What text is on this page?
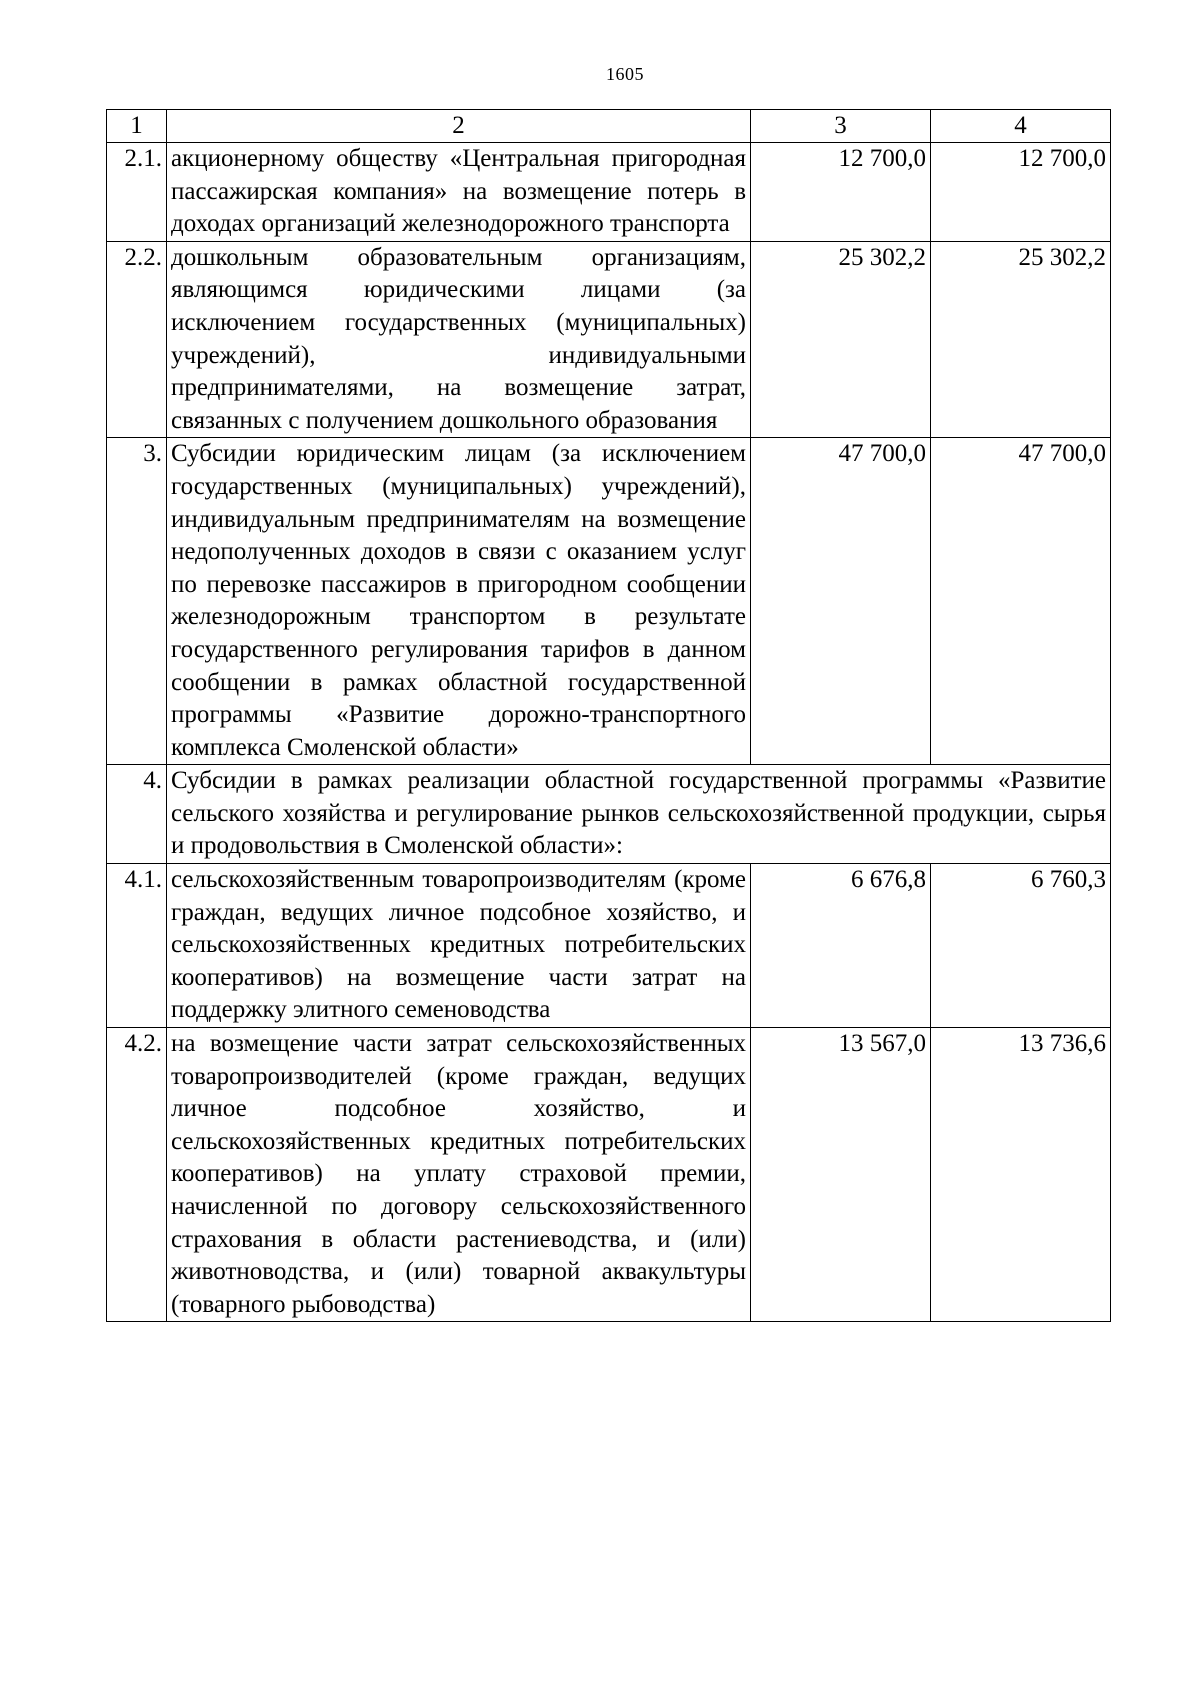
1605
1	2	3	4
2.1.	акционерному обществу «Центральная пригородная пассажирская компания» на возмещение потерь в доходах организаций железнодорожного транспорта	12 700,0	12 700,0
2.2.	дошкольным образовательным организациям, являющимся юридическими лицами (за исключением государственных (муниципальных) учреждений), индивидуальными предпринимателями, на возмещение затрат, связанных с получением дошкольного образования	25 302,2	25 302,2
3.	Субсидии юридическим лицам (за исключением государственных (муниципальных) учреждений), индивидуальным предпринимателям на возмещение недополученных доходов в связи с оказанием услуг по перевозке пассажиров в пригородном сообщении железнодорожным транспортом в результате государственного регулирования тарифов в данном сообщении в рамках областной государственной программы «Развитие дорожно-транспортного комплекса Смоленской области»	47 700,0	47 700,0
4.	Субсидии в рамках реализации областной государственной программы «Развитие сельского хозяйства и регулирование рынков сельскохозяйственной продукции, сырья и продовольствия в Смоленской области»:		
4.1.	сельскохозяйственным товаропроизводителям (кроме граждан, ведущих личное подсобное хозяйство, и сельскохозяйственных кредитных потребительских кооперативов) на возмещение части затрат на поддержку элитного семеноводства	6 676,8	6 760,3
4.2.	на возмещение части затрат сельскохозяйственных товаропроизводителей (кроме граждан, ведущих личное подсобное хозяйство, и сельскохозяйственных кредитных потребительских кооперативов) на уплату страховой премии, начисленной по договору сельскохозяйственного страхования в области растениеводства, и (или) животноводства, и (или) товарной аквакультуры (товарного рыбоводства)	13 567,0	13 736,6
